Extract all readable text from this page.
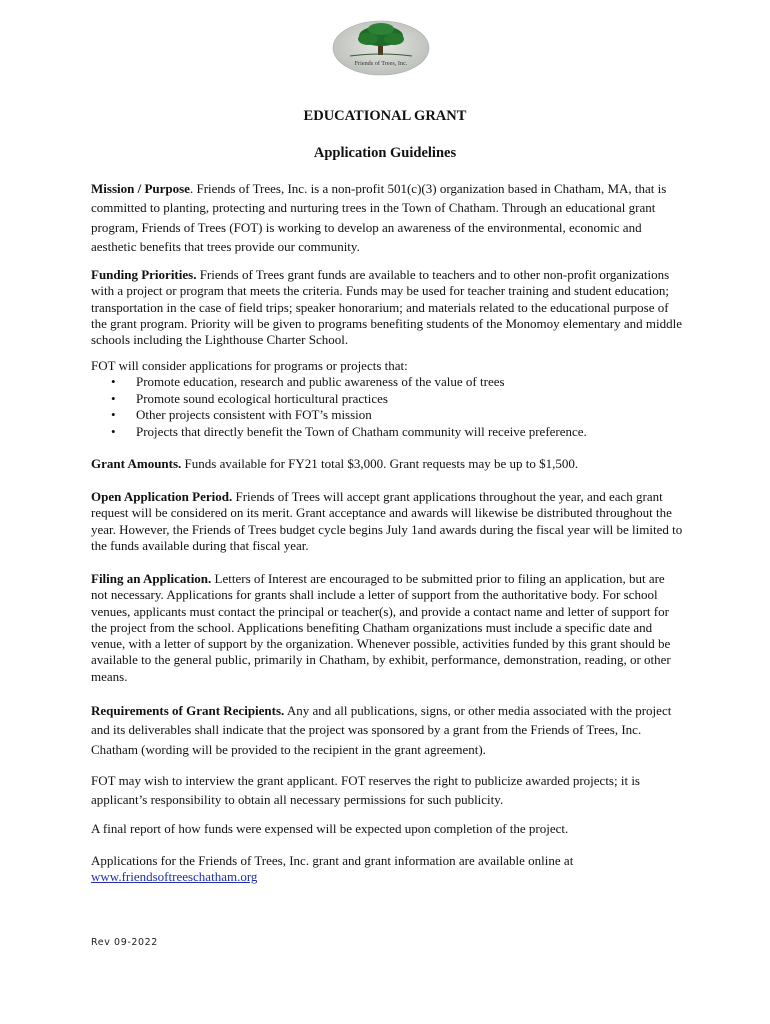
Friends of Trees, Inc.
EDUCATIONAL GRANT
Application Guidelines

Mission / Purpose. Friends of Trees, Inc. is a non-profit 501(c)(3) organization based in Chatham, MA, that is committed to planting, protecting and nurturing trees in the Town of Chatham. Through an educational grant program, Friends of Trees (FOT) is working to develop an awareness of the environmental, economic and aesthetic benefits that trees provide our community.

Funding Priorities. Friends of Trees grant funds are available to teachers and to other non-profit organizations with a project or program that meets the criteria. Funds may be used for teacher training and student education; transportation in the case of field trips; speaker honorarium; and materials related to the educational purpose of the grant program. Priority will be given to programs benefiting students of the Monomoy elementary and middle schools including the Lighthouse Charter School.

FOT will consider applications for programs or projects that:

• Promote education, research and public awareness of the value of trees
• Promote sound ecological horticultural practices
• Other projects consistent with FOT’s mission
• Projects that directly benefit the Town of Chatham community will receive preference.

Grant Amounts. Funds available for FY21 total $3,000. Grant requests may be up to $1,500.

Open Application Period. Friends of Trees will accept grant applications throughout the year, and each grant request will be considered on its merit. Grant acceptance and awards will likewise be distributed throughout the year. However, the Friends of Trees budget cycle begins July 1and awards during the fiscal year will be limited to the funds available during that fiscal year.

Filing an Application. Letters of Interest are encouraged to be submitted prior to filing an application, but are not necessary. Applications for grants shall include a letter of support from the authoritative body. For school venues, applicants must contact the principal or teacher(s), and provide a contact name and letter of support for the project from the school. Applications benefiting Chatham organizations must include a specific date and venue, with a letter of support by the organization. Whenever possible, activities funded by this grant should be available to the general public, primarily in Chatham, by exhibit, performance, demonstration, reading, or other means.

Requirements of Grant Recipients. Any and all publications, signs, or other media associated with the project and its deliverables shall indicate that the project was sponsored by a grant from the Friends of Trees, Inc. Chatham (wording will be provided to the recipient in the grant agreement).

FOT may wish to interview the grant applicant. FOT reserves the right to publicize awarded projects; it is applicant’s responsibility to obtain all necessary permissions for such publicity.

A final report of how funds were expensed will be expected upon completion of the project.

Applications for the Friends of Trees, Inc. grant and grant information are available online at
www.friendsoftreeschatham.org

Rev 09-2022
